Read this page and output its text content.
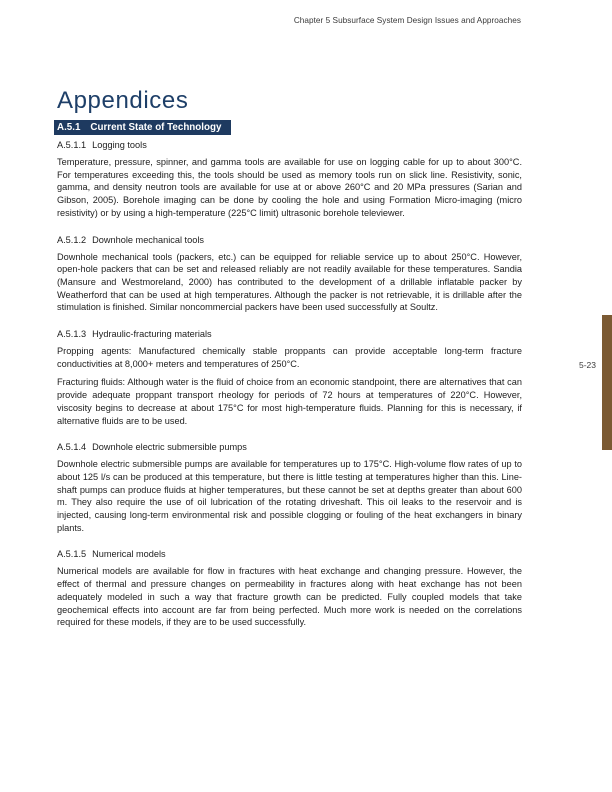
Chapter 5 Subsurface System Design Issues and Approaches
5-23
Appendices
A.5.1 Current State of Technology
A.5.1.1 Logging tools

Temperature, pressure, spinner, and gamma tools are available for use on logging cable for up to about 300°C. For temperatures exceeding this, the tools should be used as memory tools run on slick line. Resistivity, sonic, gamma, and density neutron tools are available for use at or above 260°C and 20 MPa pressures (Sarian and Gibson, 2005). Borehole imaging can be done by cooling the hole and using Formation Micro-imaging (micro resistivity) or by using a high-temperature (225°C limit) ultrasonic borehole televiewer.

A.5.1.2 Downhole mechanical tools

Downhole mechanical tools (packers, etc.) can be equipped for reliable service up to about 250°C. However, open-hole packers that can be set and released reliably are not readily available for these temperatures. Sandia (Mansure and Westmoreland, 2000) has contributed to the development of a drillable inflatable packer by Weatherford that can be used at high temperatures. Although the packer is not retrievable, it is drillable after the stimulation is finished. Similar noncommercial packers have been used successfully at Soultz.

A.5.1.3 Hydraulic-fracturing materials

Propping agents: Manufactured chemically stable proppants can provide acceptable long-term fracture conductivities at 8,000+ meters and temperatures of 250°C.

Fracturing fluids: Although water is the fluid of choice from an economic standpoint, there are alternatives that can provide adequate proppant transport rheology for periods of 72 hours at temperatures of 220°C. However, viscosity begins to decrease at about 175°C for most high-temperature fluids. Planning for this is necessary, if alternative fluids are to be used.

A.5.1.4 Downhole electric submersible pumps

Downhole electric submersible pumps are available for temperatures up to 175°C. High-volume flow rates of up to about 125 l/s can be produced at this temperature, but there is little testing at temperatures higher than this. Line-shaft pumps can produce fluids at higher temperatures, but these cannot be set at depths greater than about 600 m. They also require the use of oil lubrication of the rotating driveshaft. This oil leaks to the reservoir and is injected, causing long-term environmental risk and possible clogging or fouling of the heat exchangers in binary plants.

A.5.1.5 Numerical models

Numerical models are available for flow in fractures with heat exchange and changing pressure. However, the effect of thermal and pressure changes on permeability in fractures along with heat exchange has not been adequately modeled in such a way that fracture growth can be predicted. Fully coupled models that take geochemical effects into account are far from being perfected. Much more work is needed on the correlations required for these models, if they are to be used successfully.
